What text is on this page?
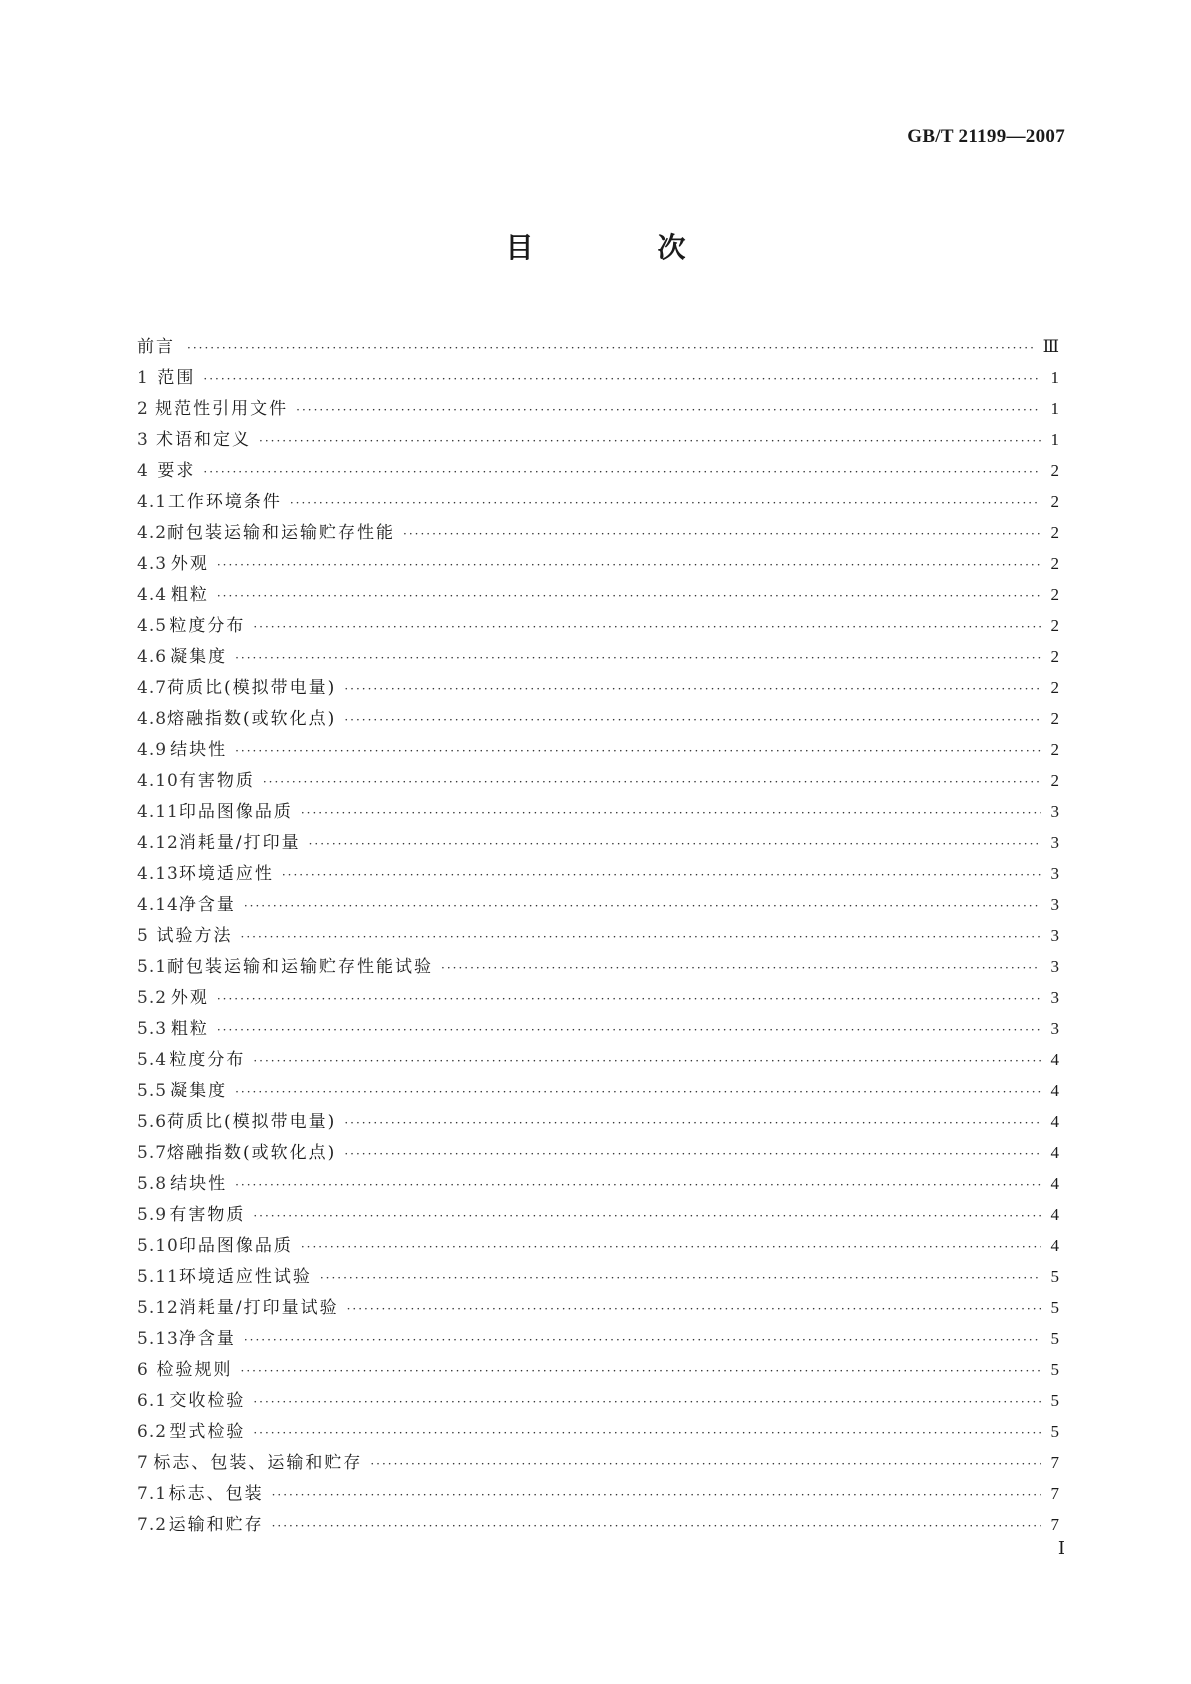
GB/T 21199—2007
目　次
前言 ·····	Ⅲ
1 范围 ·····	1
2 规范性引用文件 ·····	1
3 术语和定义 ·····	1
4 要求 ·····	2
4.1 工作环境条件 ·····	2
4.2 耐包装运输和运输贮存性能 ·····	2
4.3 外观 ·····	2
4.4 粗粒 ·····	2
4.5 粒度分布 ·····	2
4.6 凝集度 ·····	2
4.7 荷质比(模拟带电量) ·····	2
4.8 熔融指数(或软化点) ·····	2
4.9 结块性 ·····	2
4.10 有害物质 ·····	2
4.11 印品图像品质 ·····	3
4.12 消耗量/打印量 ·····	3
4.13 环境适应性 ·····	3
4.14 净含量 ·····	3
5 试验方法 ·····	3
5.1 耐包装运输和运输贮存性能试验 ·····	3
5.2 外观 ·····	3
5.3 粗粒 ·····	3
5.4 粒度分布 ·····	4
5.5 凝集度 ·····	4
5.6 荷质比(模拟带电量) ·····	4
5.7 熔融指数(或软化点) ·····	4
5.8 结块性 ·····	4
5.9 有害物质 ·····	4
5.10 印品图像品质 ·····	4
5.11 环境适应性试验 ·····	5
5.12 消耗量/打印量试验 ·····	5
5.13 净含量 ·····	5
6 检验规则 ·····	5
6.1 交收检验 ·····	5
6.2 型式检验 ·····	5
7 标志、包装、运输和贮存 ·····	7
7.1 标志、包装 ·····	7
7.2 运输和贮存 ·····	7
Ⅰ
